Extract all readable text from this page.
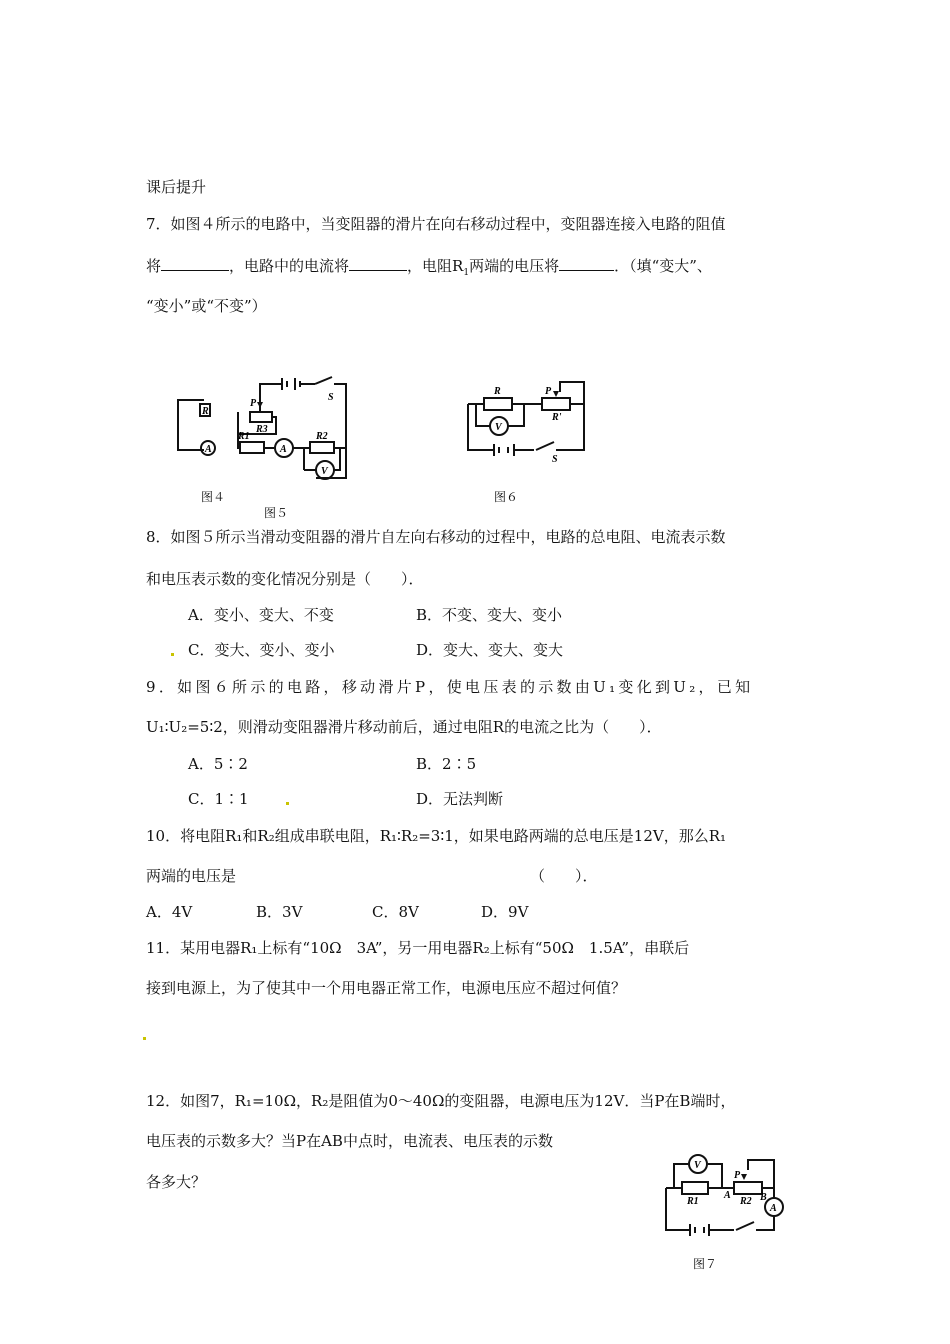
课后提升
7．如图４所示的电路中，当变阻器的滑片在向右移动过程中，变阻器连接入电路的阻值
将	，电路中的电流将	，电阻$R_1$两端的电压将	．（填“变大”、
“变小”或“不变”）
R
A
图４
P
R3
R1	R2
S
A
V
图５
R	P
R'
V
S
图６
8．如图５所示当滑动变阻器的滑片自左向右移动的过程中，电路的总电阻、电流表示数
和电压表示数的变化情况分别是（　　）．
A．变小、变大、不变	B．不变、变大、变小
C．变大、变小、变小	D．变大、变大、变大
9．如图６所示的电路，移动滑片P，使电压表的示数由U₁变化到U₂，已知
U₁∶U₂=5∶2，则滑动变阻器滑片移动前后，通过电阻R的电流之比为（　　）．
A．5∶2	B．2∶5
C．1∶1	D．无法判断
10．将电阻R₁和R₂组成串联电阻，R₁∶R₂=3∶1，如果电路两端的总电压是12V，那么R₁
两端的电压是	（　　）．
A．4V	B．3V	C．8V	D．9V
11．某用电器R₁上标有“10Ω　3A”，另一用电器R₂上标有“50Ω　1.5A”，串联后
接到电源上，为了使其中一个用电器正常工作，电源电压应不超过何值？
12．如图7，R₁=10Ω，R₂是阻值为0～40Ω的变阻器，电源电压为12V．当P在B端时，
电压表的示数多大？当P在AB中点时，电流表、电压表的示数
各多大？
V
P
R1
A
R2 B
A
图７
